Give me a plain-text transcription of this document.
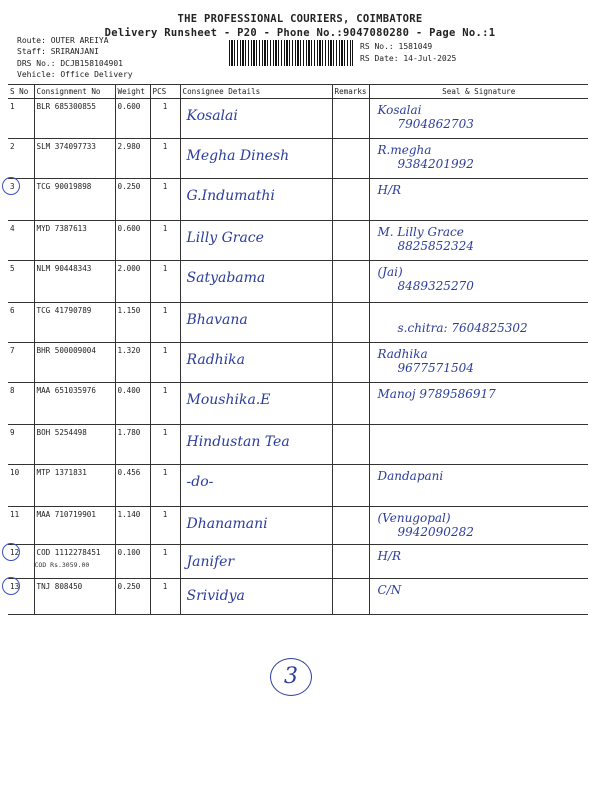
THE PROFESSIONAL COURIERS, COIMBATORE
Delivery Runsheet - P20 - Phone No.:9047080280 - Page No.:1
Route: OUTER AREIYA
Staff: SRIRANJANI
DRS No.: DCJB158104901
Vehicle: Office Delivery
RS No.: 1581049
RS Date: 14-Jul-2025
S No	Consignment No	Weight	PCS	Consignee Details	Remarks	Seal & Signature
1	BLR 685300855	0.600	1	Kosalai		Kosalai
7904862703

2	SLM 374097733	2.980	1	Megha Dinesh		R.megha
9384201992

3	TCG 90019898	0.250	1	G.Indumathi		H/R

4	MYD 7387613	0.600	1	Lilly Grace		M. Lilly Grace
8825852324

5	NLM 90448343	2.000	1	Satyabama		(Jai)
8489325270

6	TCG 41790789	1.150	1	Bhavana		s.chitra: 7604825302

7	BHR 500009004	1.320	1	Radhika		Radhika
9677571504

8	MAA 651035976	0.400	1	Moushika.E		Manoj 9789586917

9	BOH 5254498	1.780	1	Hindustan Tea		

10	MTP 1371831	0.456	1	-do-		Dandapani

11	MAA 710719901	1.140	1	Dhanamani		(Venugopal)
9942090282

12	COD 1112278451
COD Rs.3059.00	0.100	1	Janifer		H/R

13	TNJ 808450	0.250	1	Srividya		C/N
3
